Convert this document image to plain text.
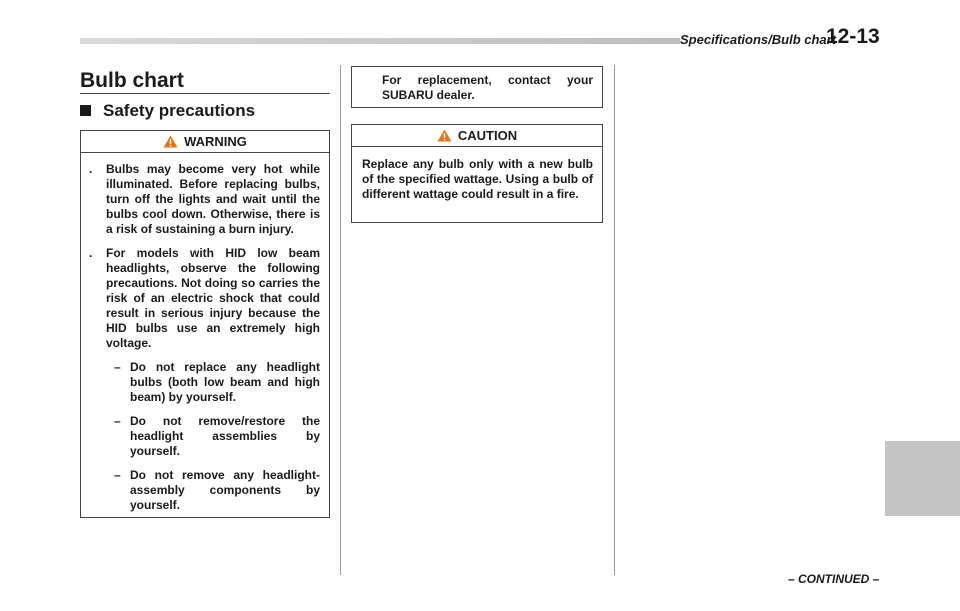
Specifications/Bulb chart
12-13
Bulb chart
Safety precautions
WARNING
. Bulbs may become very hot while illuminated. Before replacing bulbs, turn off the lights and wait until the bulbs cool down. Otherwise, there is a risk of sustaining a burn injury.
. For models with HID low beam headlights, observe the following precautions. Not doing so carries the risk of an electric shock that could result in serious injury because the HID bulbs use an extremely high voltage.
– Do not replace any headlight bulbs (both low beam and high beam) by yourself.
– Do not remove/restore the headlight assemblies by yourself.
– Do not remove any headlight-assembly components by yourself.
For replacement, contact your SUBARU dealer.
CAUTION
Replace any bulb only with a new bulb of the specified wattage. Using a bulb of different wattage could result in a fire.
– CONTINUED –
